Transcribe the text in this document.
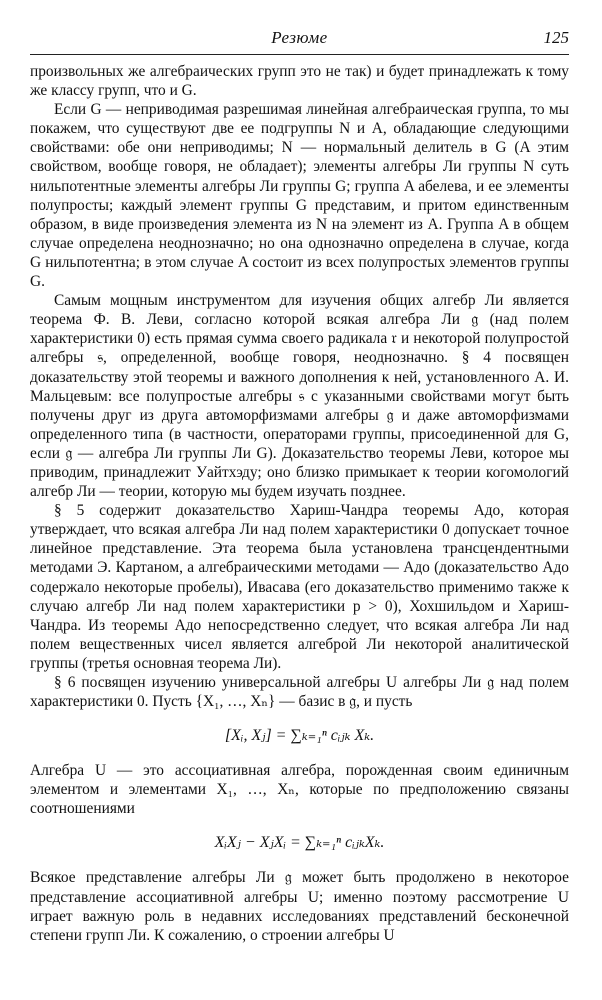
Резюме	125

произвольных же алгебраических групп это не так) и будет принадлежать к тому же классу групп, что и G.

Если G — неприводимая разрешимая линейная алгебраическая группа, то мы покажем, что существуют две ее подгруппы N и A, обладающие следующими свойствами: обе они неприводимы; N — нормальный делитель в G (A этим свойством, вообще говоря, не обладает); элементы алгебры Ли группы N суть нильпотентные элементы алгебры Ли группы G; группа A абелева, и ее элементы полупросты; каждый элемент группы G представим, и притом единственным образом, в виде произведения элемента из N на элемент из A. Группа A в общем случае определена неоднозначно; но она однозначно определена в случае, когда G нильпотентна; в этом случае A состоит из всех полупростых элементов группы G.

Самым мощным инструментом для изучения общих алгебр Ли является теорема Ф. В. Леви, согласно которой всякая алгебра Ли 𝔤 (над полем характеристики 0) есть прямая сумма своего радикала 𝔯 и некоторой полупростой алгебры 𝔰, определенной, вообще говоря, неоднозначно. § 4 посвящен доказательству этой теоремы и важного дополнения к ней, установленного А. И. Мальцевым: все полупростые алгебры 𝔰 с указанными свойствами могут быть получены друг из друга автоморфизмами алгебры 𝔤 и даже автоморфизмами определенного типа (в частности, операторами группы, присоединенной для G, если 𝔤 — алгебра Ли группы Ли G). Доказательство теоремы Леви, которое мы приводим, принадлежит Уайтхэду; оно близко примыкает к теории когомологий алгебр Ли — теории, которую мы будем изучать позднее.

§ 5 содержит доказательство Хариш-Чандра теоремы Адо, которая утверждает, что всякая алгебра Ли над полем характеристики 0 допускает точное линейное представление. Эта теорема была установлена трансцендентными методами Э. Картаном, а алгебраическими методами — Адо (доказательство Адо содержало некоторые пробелы), Ивасава (его доказательство применимо также к случаю алгебр Ли над полем характеристики p > 0), Хохшильдом и Хариш-Чандра. Из теоремы Адо непосредственно следует, что всякая алгебра Ли над полем вещественных чисел является алгеброй Ли некоторой аналитической группы (третья основная теорема Ли).

§ 6 посвящен изучению универсальной алгебры U алгебры Ли 𝔤 над полем характеристики 0. Пусть {X₁, …, Xₙ} — базис в 𝔤, и пусть

[Xᵢ, Xⱼ] = ∑ₖ₌₁ⁿ cᵢⱼₖ Xₖ.

Алгебра U — это ассоциативная алгебра, порожденная своим единичным элементом и элементами X₁, …, Xₙ, которые по предположению связаны соотношениями

XᵢXⱼ − XⱼXᵢ = ∑ₖ₌₁ⁿ cᵢⱼₖXₖ.

Всякое представление алгебры Ли 𝔤 может быть продолжено в некоторое представление ассоциативной алгебры U; именно поэтому рассмотрение U играет важную роль в недавних исследованиях представлений бесконечной степени групп Ли. К сожалению, о строении алгебры U
